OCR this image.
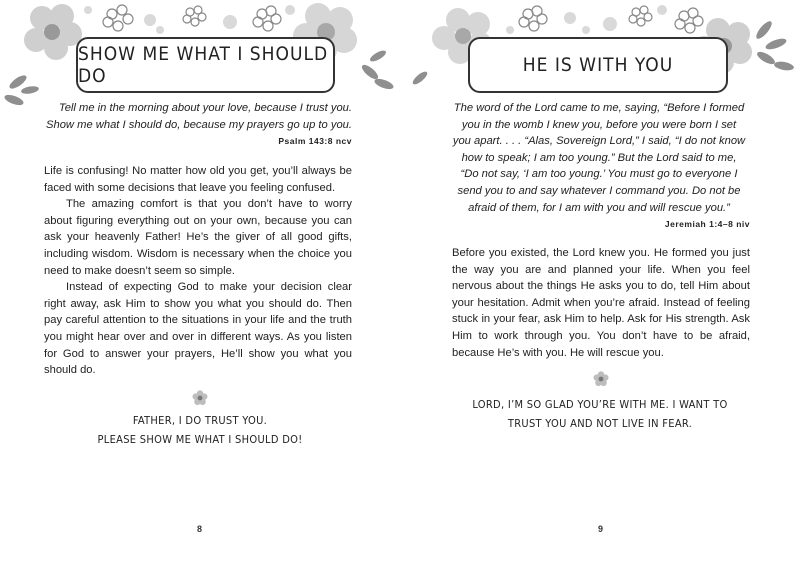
SHOW ME WHAT I SHOULD DO
Tell me in the morning about your love, because I trust you.
Show me what I should do, because my prayers go up to you.
Psalm 143:8 ncv

Life is confusing! No matter how old you get, you’ll always be faced with some decisions that leave you feeling confused.

The amazing comfort is that you don’t have to worry about figuring everything out on your own, because you can ask your heavenly Father! He’s the giver of all good gifts, including wisdom. Wisdom is necessary when the choice you need to make doesn’t seem so simple.

Instead of expecting God to make your decision clear right away, ask Him to show you what you should do. Then pay careful attention to the situations in your life and the truth you might hear over and over in different ways. As you listen for God to answer your prayers, He’ll show you what you should do.

FATHER, I DO TRUST YOU.
PLEASE SHOW ME WHAT I SHOULD DO!
8
HE IS WITH YOU
The word of the Lord came to me, saying, “Before I formed
you in the womb I knew you, before you were born I set
you apart. . . . “Alas, Sovereign Lord,” I said, “I do not know
how to speak; I am too young.” But the Lord said to me,
“Do not say, ‘I am too young.’ You must go to everyone I
send you to and say whatever I command you. Do not be
afraid of them, for I am with you and will rescue you.”
Jeremiah 1:4–8 niv

Before you existed, the Lord knew you. He formed you just the way you are and planned your life. When you feel nervous about the things He asks you to do, tell Him about your hesitation. Admit when you’re afraid. Instead of feeling stuck in your fear, ask Him to help. Ask for His strength. Ask Him to work through you. You don’t have to be afraid, because He’s with you. He will rescue you.

LORD, I’M SO GLAD YOU’RE WITH ME. I WANT TO
TRUST YOU AND NOT LIVE IN FEAR.
9
